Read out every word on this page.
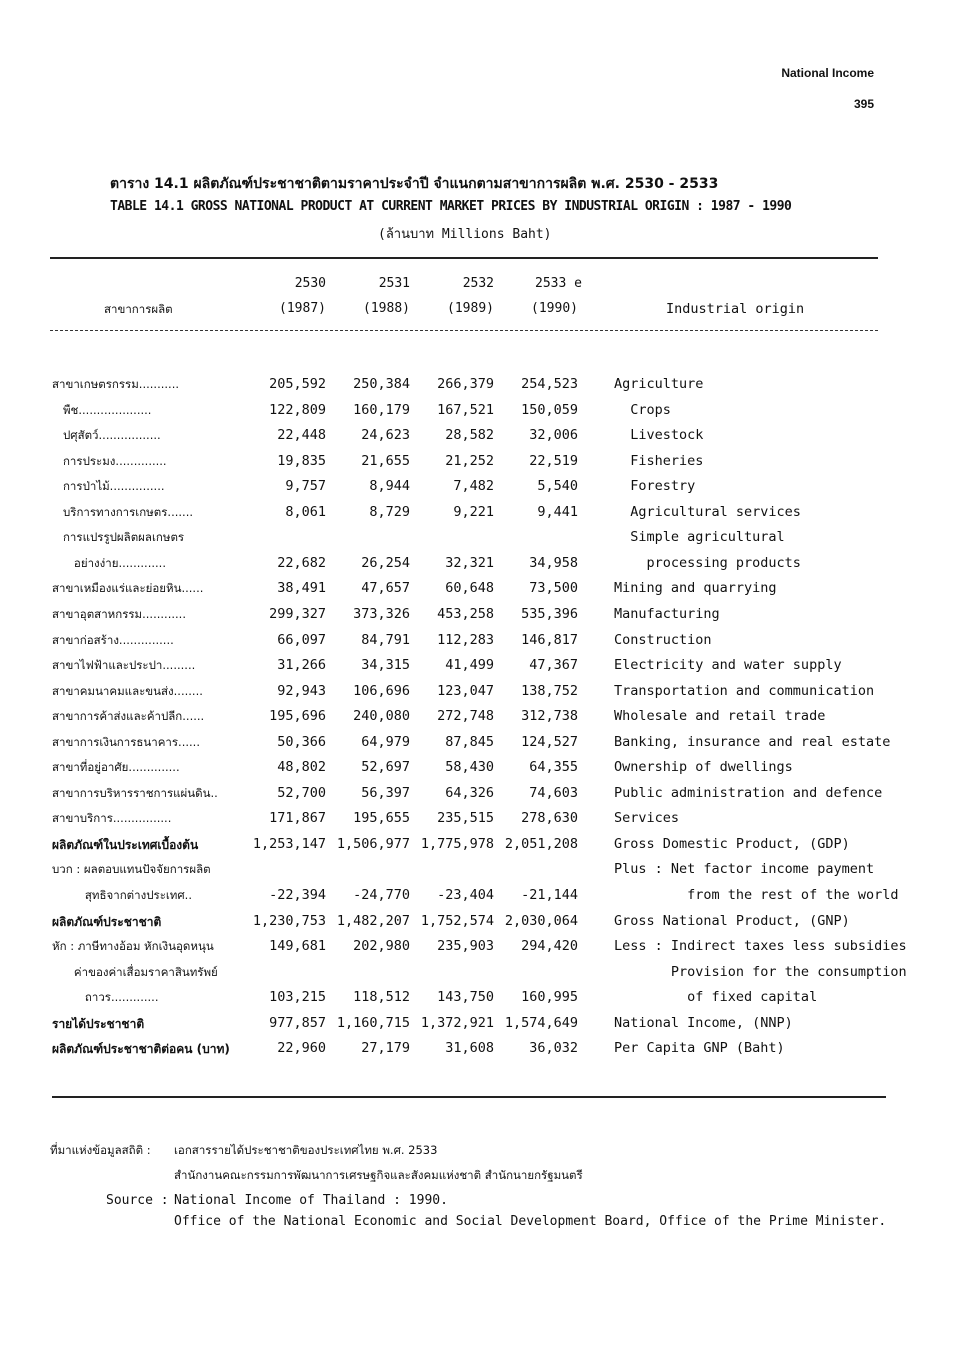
National Income
395
ตาราง 14.1 ผลิตภัณฑ์ประชาชาติตามราคาประจำปี จำแนกตามสาขาการผลิต พ.ศ. 2530 - 2533
TABLE 14.1 GROSS NATIONAL PRODUCT AT CURRENT MARKET PRICES BY INDUSTRIAL ORIGIN : 1987 - 1990
(ล้านบาท Millions Baht)
2530	2531	2532	2533 e
สาขาการผลิต	(1987)	(1988)	(1989)	(1990)	Industrial origin
สาขาเกษตรกรรม...........	205,592	250,384	266,379	254,523	Agriculture
พืช....................	122,809	160,179	167,521	150,059	Crops
ปศุสัตว์.................	22,448	24,623	28,582	32,006	Livestock
การประมง..............	19,835	21,655	21,252	22,519	Fisheries
การป่าไม้...............	9,757	8,944	7,482	5,540	Forestry
บริการทางการเกษตร.......	8,061	8,729	9,221	9,441	Agricultural services
การแปรรูปผลิตผลเกษตร	Simple agricultural
อย่างง่าย.............	22,682	26,254	32,321	34,958	processing products
สาขาเหมืองแร่และย่อยหิน......	38,491	47,657	60,648	73,500	Mining and quarrying
สาขาอุตสาหกรรม............	299,327	373,326	453,258	535,396	Manufacturing
สาขาก่อสร้าง...............	66,097	84,791	112,283	146,817	Construction
สาขาไฟฟ้าและประปา.........	31,266	34,315	41,499	47,367	Electricity and water supply
สาขาคมนาคมและขนส่ง........	92,943	106,696	123,047	138,752	Transportation and communication
สาขาการค้าส่งและค้าปลีก......	195,696	240,080	272,748	312,738	Wholesale and retail trade
สาขาการเงินการธนาคาร......	50,366	64,979	87,845	124,527	Banking, insurance and real estate
สาขาที่อยู่อาศัย..............	48,802	52,697	58,430	64,355	Ownership of dwellings
สาขาการบริหารราชการแผ่นดิน..	52,700	56,397	64,326	74,603	Public administration and defence
สาขาบริการ................	171,867	195,655	235,515	278,630	Services
ผลิตภัณฑ์ในประเทศเบื้องต้น	1,253,147 1,506,977 1,775,978 2,051,208	Gross Domestic Product, (GDP)
บวก : ผลตอบแทนปัจจัยการผลิต	Plus : Net factor income payment
สุทธิจากต่างประเทศ..	-22,394	-24,770	-23,404	-21,144	from the rest of the world
ผลิตภัณฑ์ประชาชาติ	1,230,753 1,482,207 1,752,574 2,030,064	Gross National Product, (GNP)
หัก : ภาษีทางอ้อม หักเงินอุดหนุน	149,681	202,980	235,903	294,420	Less : Indirect taxes less subsidies
ค่าของค่าเสื่อมราคาสินทรัพย์	Provision for the consumption
ถาวร.............	103,215	118,512	143,750	160,995	of fixed capital
รายได้ประชาชาติ	977,857 1,160,715 1,372,921 1,574,649	National Income, (NNP)
ผลิตภัณฑ์ประชาชาติต่อคน (บาท)	22,960	27,179	31,608	36,032	Per Capita GNP (Baht)
ที่มาแห่งข้อมูลสถิติ : เอกสารรายได้ประชาชาติของประเทศไทย พ.ศ. 2533
สำนักงานคณะกรรมการพัฒนาการเศรษฐกิจและสังคมแห่งชาติ สำนักนายกรัฐมนตรี
Source : National Income of Thailand : 1990.
Office of the National Economic and Social Development Board, Office of the Prime Minister.
